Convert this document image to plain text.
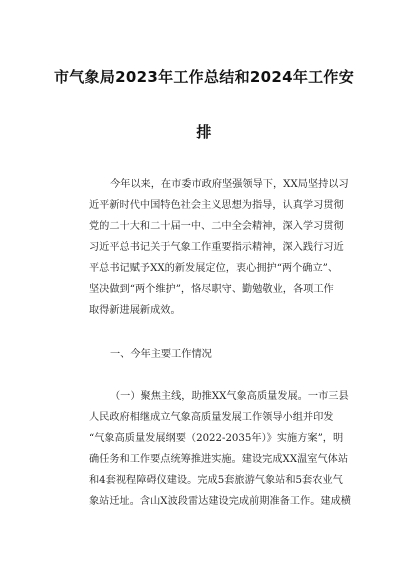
市气象局2023年工作总结和2024年工作安
排
今年以来，在市委市政府坚强领导下，XX局坚持以习
近平新时代中国特色社会主义思想为指导，认真学习贯彻
党的二十大和二十届一中、二中全会精神，深入学习贯彻
习近平总书记关于气象工作重要指示精神，深入践行习近
平总书记赋予XX的新发展定位，衷心拥护“两个确立”、
坚决做到“两个维护”，恪尽职守、勤勉敬业，各项工作
取得新进展新成效。
一、今年主要工作情况
（一）聚焦主线，助推XX气象高质量发展。一市三县
人民政府相继成立气象高质量发展工作领导小组并印发
“气象高质量发展纲要（2022-2035年）》实施方案”，明
确任务和工作要点统筹推进实施。建设完成XX温室气体站
和4套视程障碍仪建设。完成5套旅游气象站和5套农业气
象站迁址。含山X波段雷达建设完成前期准备工作。建成横
